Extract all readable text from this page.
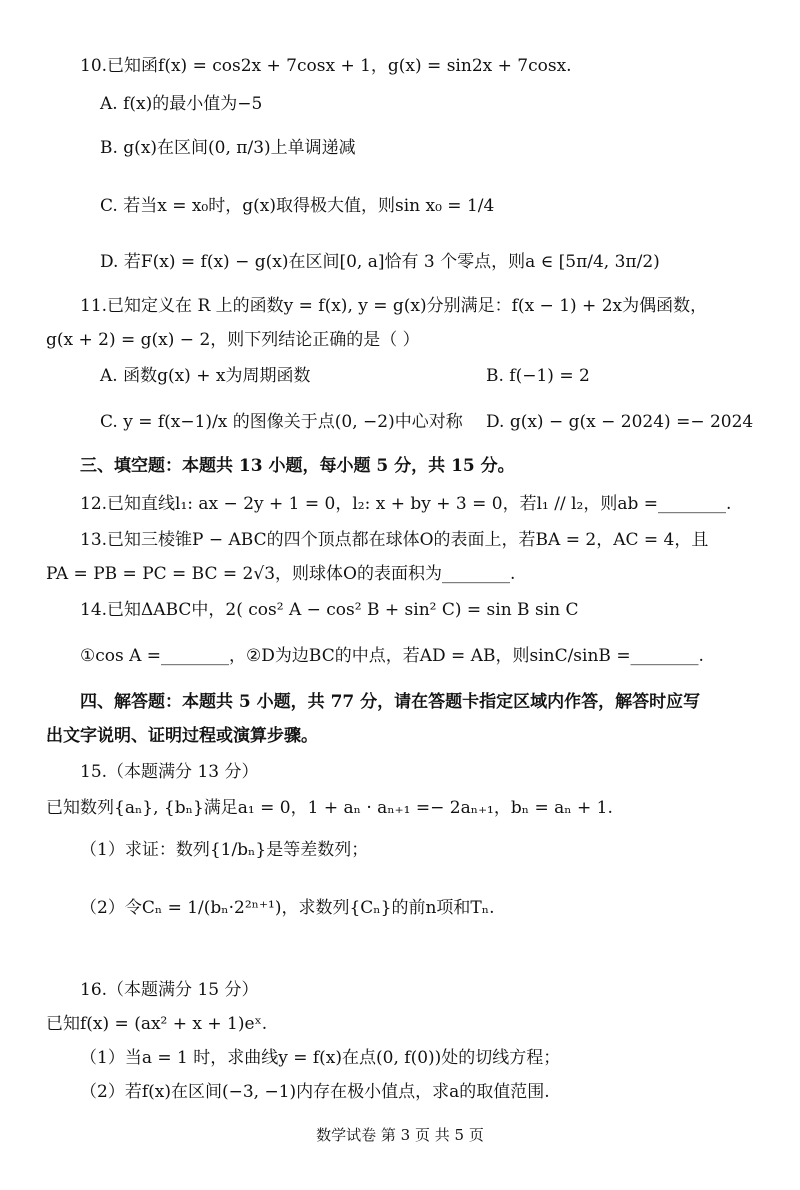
10.已知函f(x) = cos2x + 7cosx + 1，g(x) = sin2x + 7cosx.
A. f(x)的最小值为−5
B. g(x)在区间(0, π/3)上单调递减
C. 若当x = x₀时，g(x)取得极大值，则sin x₀ = 1/4
D. 若F(x) = f(x) − g(x)在区间[0, a]恰有 3 个零点，则a ∈ [5π/4, 3π/2)
11.已知定义在 R 上的函数y = f(x), y = g(x)分别满足：f(x − 1) + 2x为偶函数，
g(x + 2) = g(x) − 2，则下列结论正确的是（ ）
A. 函数g(x) + x为周期函数	B. f(−1) = 2
C. y = f(x−1)/x 的图像关于点(0, −2)中心对称 D. g(x) − g(x − 2024) =− 2024
三、填空题：本题共 13 小题，每小题 5 分，共 15 分。
12.已知直线l₁: ax − 2y + 1 = 0，l₂: x + by + 3 = 0，若l₁ // l₂，则ab =________.
13.已知三棱锥P − ABC的四个顶点都在球体O的表面上，若BA = 2，AC = 4，且
PA = PB = PC = BC = 2√3，则球体O的表面积为________.
14.已知ΔABC中，2( cos² A − cos² B + sin² C) = sin B sin C
①cos A =________，②D为边BC的中点，若AD = AB，则sinC/sinB =________.
四、解答题：本题共 5 小题，共 77 分，请在答题卡指定区域内作答，解答时应写
出文字说明、证明过程或演算步骤。
15.（本题满分 13 分）
已知数列{aₙ}, {bₙ}满足a₁ = 0，1 + aₙ · aₙ₊₁ =− 2aₙ₊₁，bₙ = aₙ + 1.
（1）求证：数列{1/bₙ}是等差数列；
（2）令Cₙ = 1/(bₙ·2²ⁿ⁺¹)，求数列{Cₙ}的前n项和Tₙ.
16.（本题满分 15 分）
已知f(x) = (ax² + x + 1)eˣ.
（1）当a = 1 时，求曲线y = f(x)在点(0, f(0))处的切线方程；
（2）若f(x)在区间(−3, −1)内存在极小值点，求a的取值范围.
数学试卷 第 3 页 共 5 页
